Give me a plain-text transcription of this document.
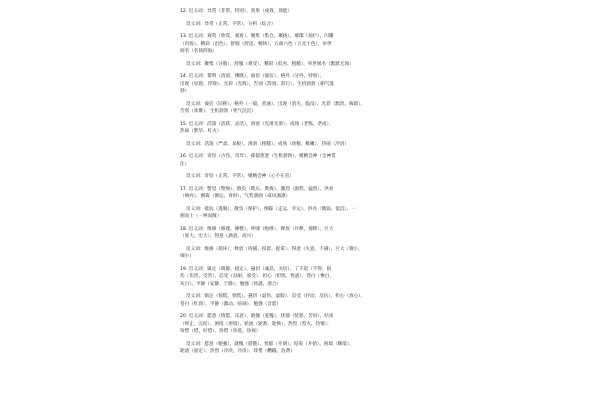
12. 近义词：异常（非常、特别）、效果（成效、效能）
反义词：异常（正常、平常）、分析（综合）
13. 近义词：观赏（欣赏、观看）、聚集（集合、聚拢）、璀璨（灿烂）、闪耀
（闪烁）、精彩（出色）、舒服（舒适、畅快）、五颜六色（五光十色）、举世
闻名（名扬四海）
反义词：聚集（分散）、舒服（难受）、精彩（低劣、粗糙）、举世闻名（默默无闻）
14. 近义词：黎明（清晨、拂晓）、彼倍（彼倍）、格外（分外、特别）、
出现（显现、浮现）、光彩（光辉）、告别（辞别、辞行）、生机勃勃（朝气蓬
勃）
反义词：彼倍（旧称）、格外（一般、普通）、出现（消失、隐没）、光彩（黯淡、晦暗）、
告别（欢聚）、生机勃勃（死气沉沉）
15. 近义词：活泼（活跃、灵活）、滑滑（光滑光滑）、成熟（老练、老成）、
热闹（繁华、红火）
反义词：活泼（严肃、呆板）、滑滑（粗糙）、成熟（幼稚、稚嫩）、热闹（冷清）
16. 近义词：奇怪（古怪、奇异）、郁郁葱葱（生机勃勃）、聚精会神（全神贯
注）
反义词：奇怪（正常、平常）、聚精会神（心不在焉）
17. 近义词：警觉（警惕）、散负（欺压、欺侮）、激烈（剧烈、猛烈）、洪亮
（响亮）、倒霉（倒运、背时）、气势汹汹（咸风凛凛）
反义词：抵抗（逃脱）、散负（保护）、倒霉（走运、幸运）、洪亮（微弱、低沉）、一
拥而上（一哄而散）
18. 近义词：维修（修理、修整）、呼啸（咆哮）、释放（开释、保释）、巨大
（庞大、宏大）、得意（满意、高兴）
反义词：维修（损坏）、释放（拘捕、扣留、捉拿）、得意（失意、不满）、巨大（微小、
细小）
19. 近义词：镇定（镇静、稳定）、悬切（诚恳、关切）、了不起（不得、损
伤（伤害、受害）、忍受（忍耐、承受）、担心（担忧、忧虑）、苍白（惨白、
灰白）、平静（安静、宁静）、勉强（将就、凑合）
反义词：镇定（惊慌、惊慌）、悬切（虚伪、虚假）、忍受（抒动、反抗）、担心（放心）、
苍白（红润）、平静（激动、喧闹）、勉强（自愿）
20. 近义词：愿意（情愿、乐意）、就愧（羞愧）、忧郁（忧愁、苦闷）、结束
（终止、完结）、困境（逆境）、轮流（轮番、轮换）、热烈（烈火、热情）、
珍惜（惜、好惜）、珍惜（珍爱、珍视）
反义词：愿意（勉强）、就愧（骄傲）、忧郁（开朗）、结束（开始）、困境（顺境）、
轮流（固定）、热烈（冷淡、冷清）、珍惜（糟蹋、浪费）
